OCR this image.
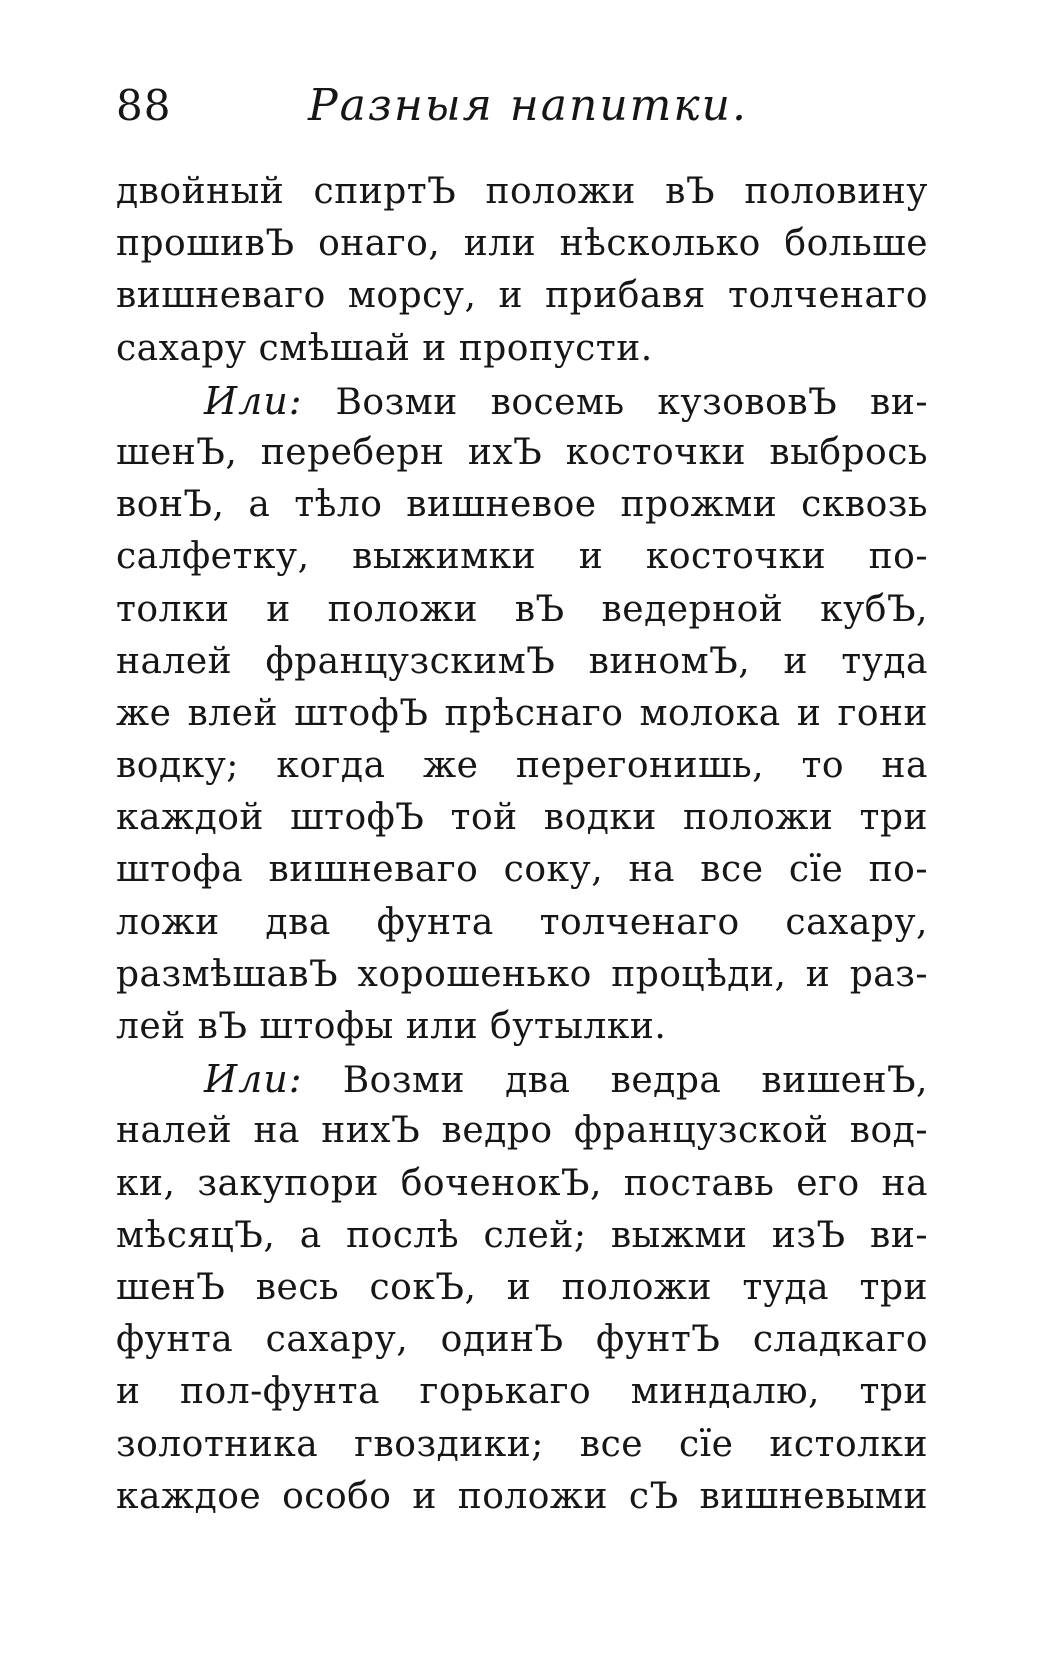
88	Разныя напитки.
двойный спиртЪ положи вЪ половину
прошивЪ онаго, или нѣсколько больше
вишневаго морсу, и прибавя толченаго
сахару смѣшай и пропусти.
Или: Возми восемь кузововЪ ви-
шенЪ, переберн ихЪ косточки выбрось
вонЪ, а тѣло вишневое прожми сквозь
салфетку, выжимки и косточки по-
толки и положи вЪ ведерной кубЪ,
налей французскимЪ виномЪ, и туда
же влей штофЪ прѣснаго молока и гони
водку; когда же перегонишь, то на
каждой штофЪ той водки положи три
штофа вишневаго соку, на все сїе по-
ложи два фунта толченаго сахару,
размѣшавЪ хорошенько процѣди, и раз-
лей вЪ штофы или бутылки.
Или: Возми два ведра вишенЪ,
налей на нихЪ ведро французской вод-
ки, закупори боченокЪ, поставь его на
мѣсяцЪ, а послѣ слей; выжми изЪ ви-
шенЪ весь сокЪ, и положи туда три
фунта сахару, одинЪ фунтЪ сладкаго
и пол-фунта горькаго миндалю, три
золотника гвоздики; все сїе истолки
каждое особо и положи сЪ вишневыми
